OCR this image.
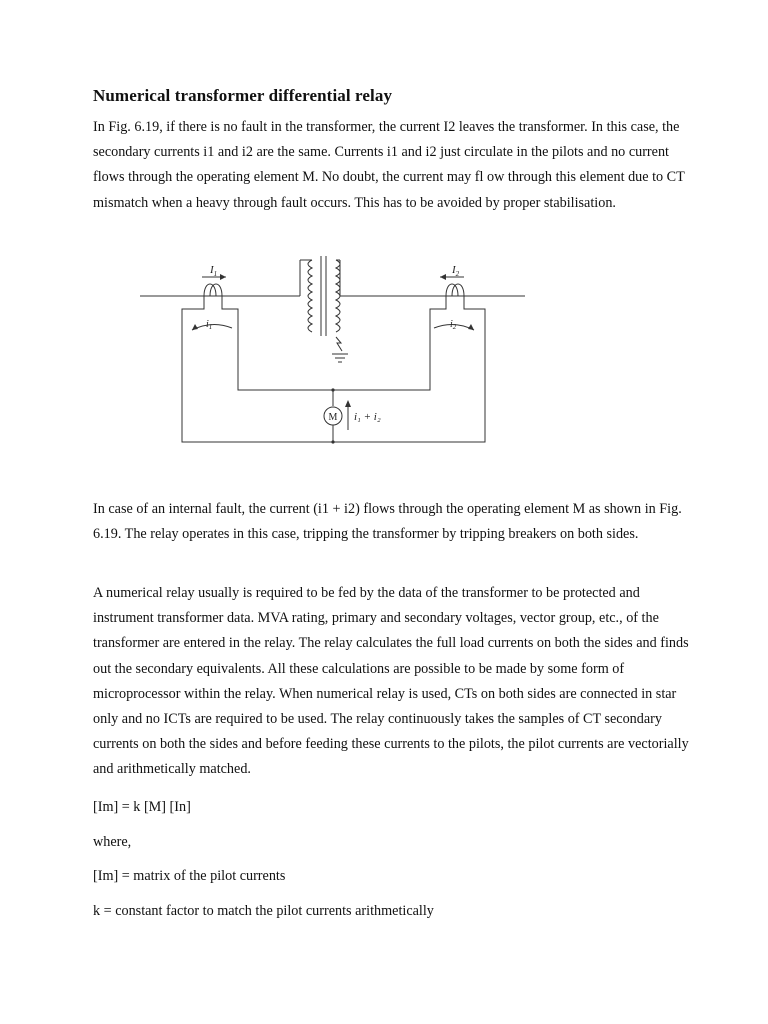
Numerical transformer differential relay

In Fig. 6.19, if there is no fault in the transformer, the current I2 leaves the transformer. In this case, the secondary currents i1 and i2 are the same. Currents i1 and i2 just circulate in the pilots and no current flows through the operating element M. No doubt, the current may fl ow through this element due to CT mismatch when a heavy through fault occurs. This has to be avoided by proper stabilisation.

$I_1$	$I_2$
$i_1$	$i_2$
M i₁ + i₂

In case of an internal fault, the current (i1 + i2) flows through the operating element M as shown in Fig. 6.19. The relay operates in this case, tripping the transformer by tripping breakers on both sides.

A numerical relay usually is required to be fed by the data of the transformer to be protected and instrument transformer data. MVA rating, primary and secondary voltages, vector group, etc., of the transformer are entered in the relay. The relay calculates the full load currents on both the sides and finds out the secondary equivalents. All these calculations are possible to be made by some form of microprocessor within the relay. When numerical relay is used, CTs on both sides are connected in star only and no ICTs are required to be used. The relay continuously takes the samples of CT secondary currents on both the sides and before feeding these currents to the pilots, the pilot currents are vectorially and arithmetically matched.

[Im] = k [M] [In]

where,

[Im] = matrix of the pilot currents

k = constant factor to match the pilot currents arithmetically
